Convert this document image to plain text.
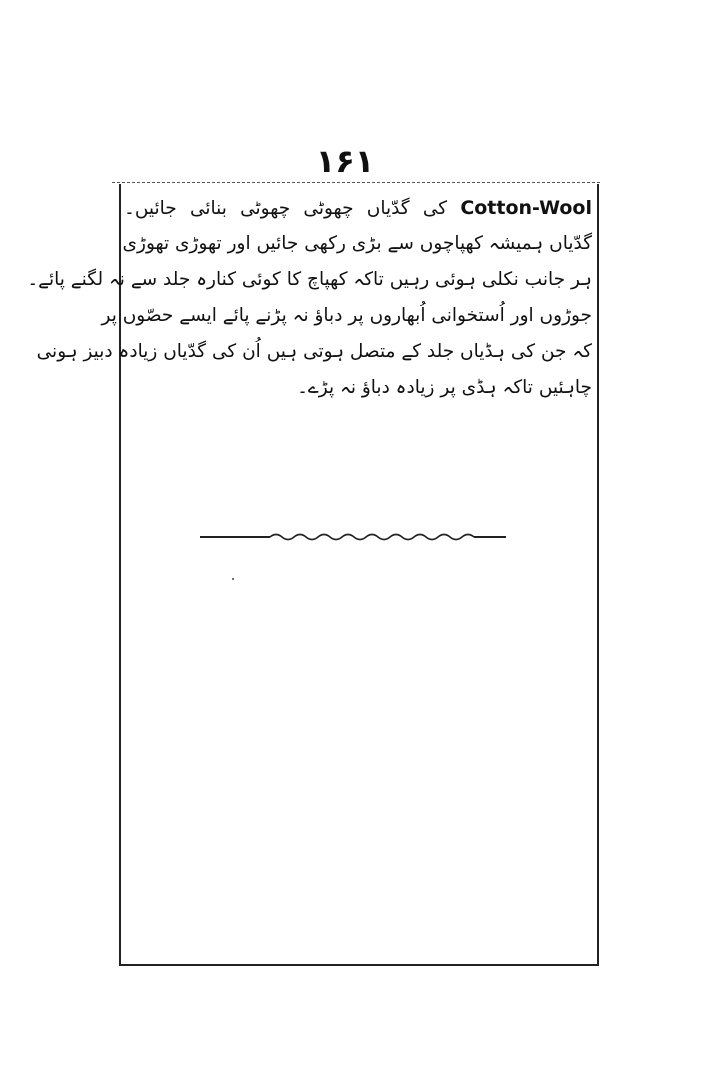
۱۶۱
Cotton-Wool کی گدّیاں چھوٹی چھوٹی بنائی جائیں۔
گدّیاں ہمیشہ کھپاچوں سے بڑی رکھی جائیں اور تھوڑی تھوڑی
ہر جانب نکلی ہوئی رہیں تاکہ کھپاچ کا کوئی کنارہ جلد سے نہ لگنے پائے۔
جوڑوں اور اُستخوانی اُبھاروں پر دباؤ نہ پڑنے پائے ایسے حصّوں پر
کہ جن کی ہڈیاں جلد کے متصل ہوتی ہیں اُن کی گدّیاں زیادہ دبیز ہونی
چاہئیں تاکہ ہڈی پر زیادہ دباؤ نہ پڑے۔
